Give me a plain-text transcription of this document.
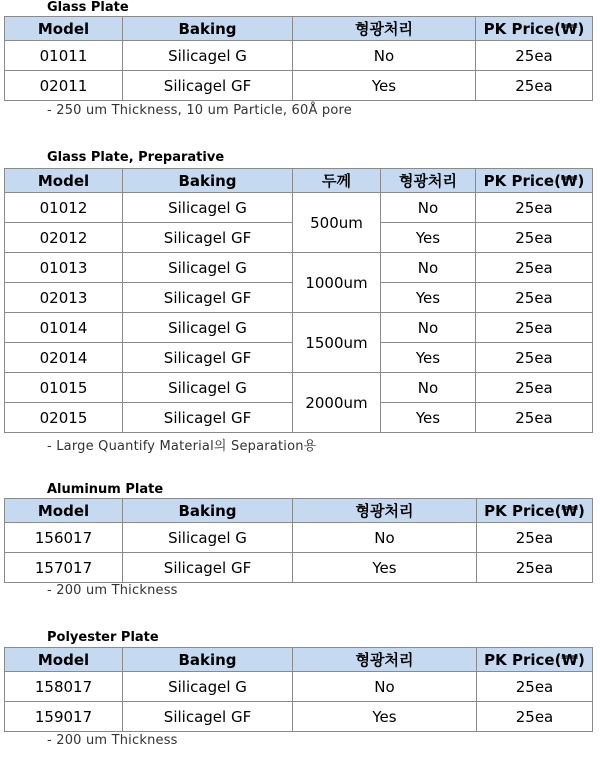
Glass Plate
Model	Baking	형광처리	PK Price(₩)
01011	Silicagel G	No	25ea
02011	Silicagel GF	Yes	25ea
- 250 um Thickness, 10 um Particle, 60Å pore
Glass Plate, Preparative
Model	Baking	두께	형광처리	PK Price(₩)
01012	Silicagel G	500um	No	25ea
02012	Silicagel GF		Yes	25ea
01013	Silicagel G	1000um	No	25ea
02013	Silicagel GF		Yes	25ea
01014	Silicagel G	1500um	No	25ea
02014	Silicagel GF		Yes	25ea
01015	Silicagel G	2000um	No	25ea
02015	Silicagel GF		Yes	25ea
- Large Quantify Material의 Separation용
Aluminum Plate
Model	Baking	형광처리	PK Price(₩)
156017	Silicagel G	No	25ea
157017	Silicagel GF	Yes	25ea
- 200 um Thickness
Polyester Plate
Model	Baking	형광처리	PK Price(₩)
158017	Silicagel G	No	25ea
159017	Silicagel GF	Yes	25ea
- 200 um Thickness
